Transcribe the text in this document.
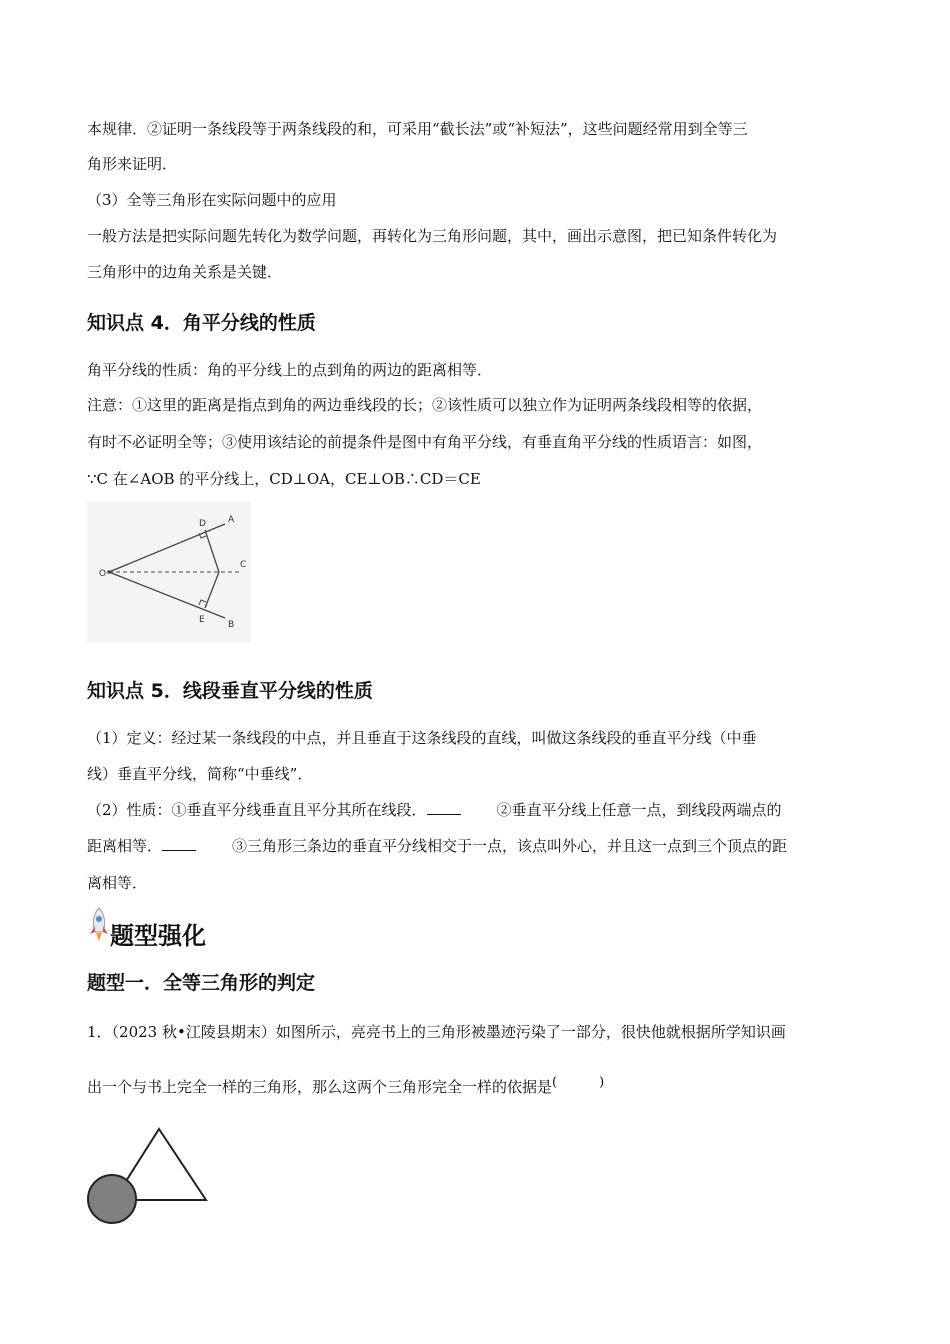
本规律．②证明一条线段等于两条线段的和，可采用“截长法”或“补短法”，这些问题经常用到全等三
角形来证明．
（3）全等三角形在实际问题中的应用
一般方法是把实际问题先转化为数学问题，再转化为三角形问题，其中，画出示意图，把已知条件转化为
三角形中的边角关系是关键．
知识点 4．角平分线的性质
角平分线的性质：角的平分线上的点到角的两边的距离相等．
注意：①这里的距离是指点到角的两边垂线段的长；②该性质可以独立作为证明两条线段相等的依据，
有时不必证明全等；③使用该结论的前提条件是图中有角平分线，有垂直角平分线的性质语言：如图，
∵C 在∠AOB 的平分线上，CD⊥OA，CE⊥OB∴CD＝CE
O
A
B
C
D
E
知识点 5．线段垂直平分线的性质
（1）定义：经过某一条线段的中点，并且垂直于这条线段的直线，叫做这条线段的垂直平分线（中垂
线）垂直平分线，简称“中垂线”．
（2）性质：①垂直平分线垂直且平分其所在线段．	②垂直平分线上任意一点，到线段两端点的
距离相等．	③三角形三条边的垂直平分线相交于一点，该点叫外心，并且这一点到三个顶点的距
离相等．
题型强化
题型一．全等三角形的判定
1．（2023 秋•江陵县期末）如图所示，亮亮书上的三角形被墨迹污染了一部分，很快他就根据所学知识画
出一个与书上完全一样的三角形，那么这两个三角形完全一样的依据是(	)
